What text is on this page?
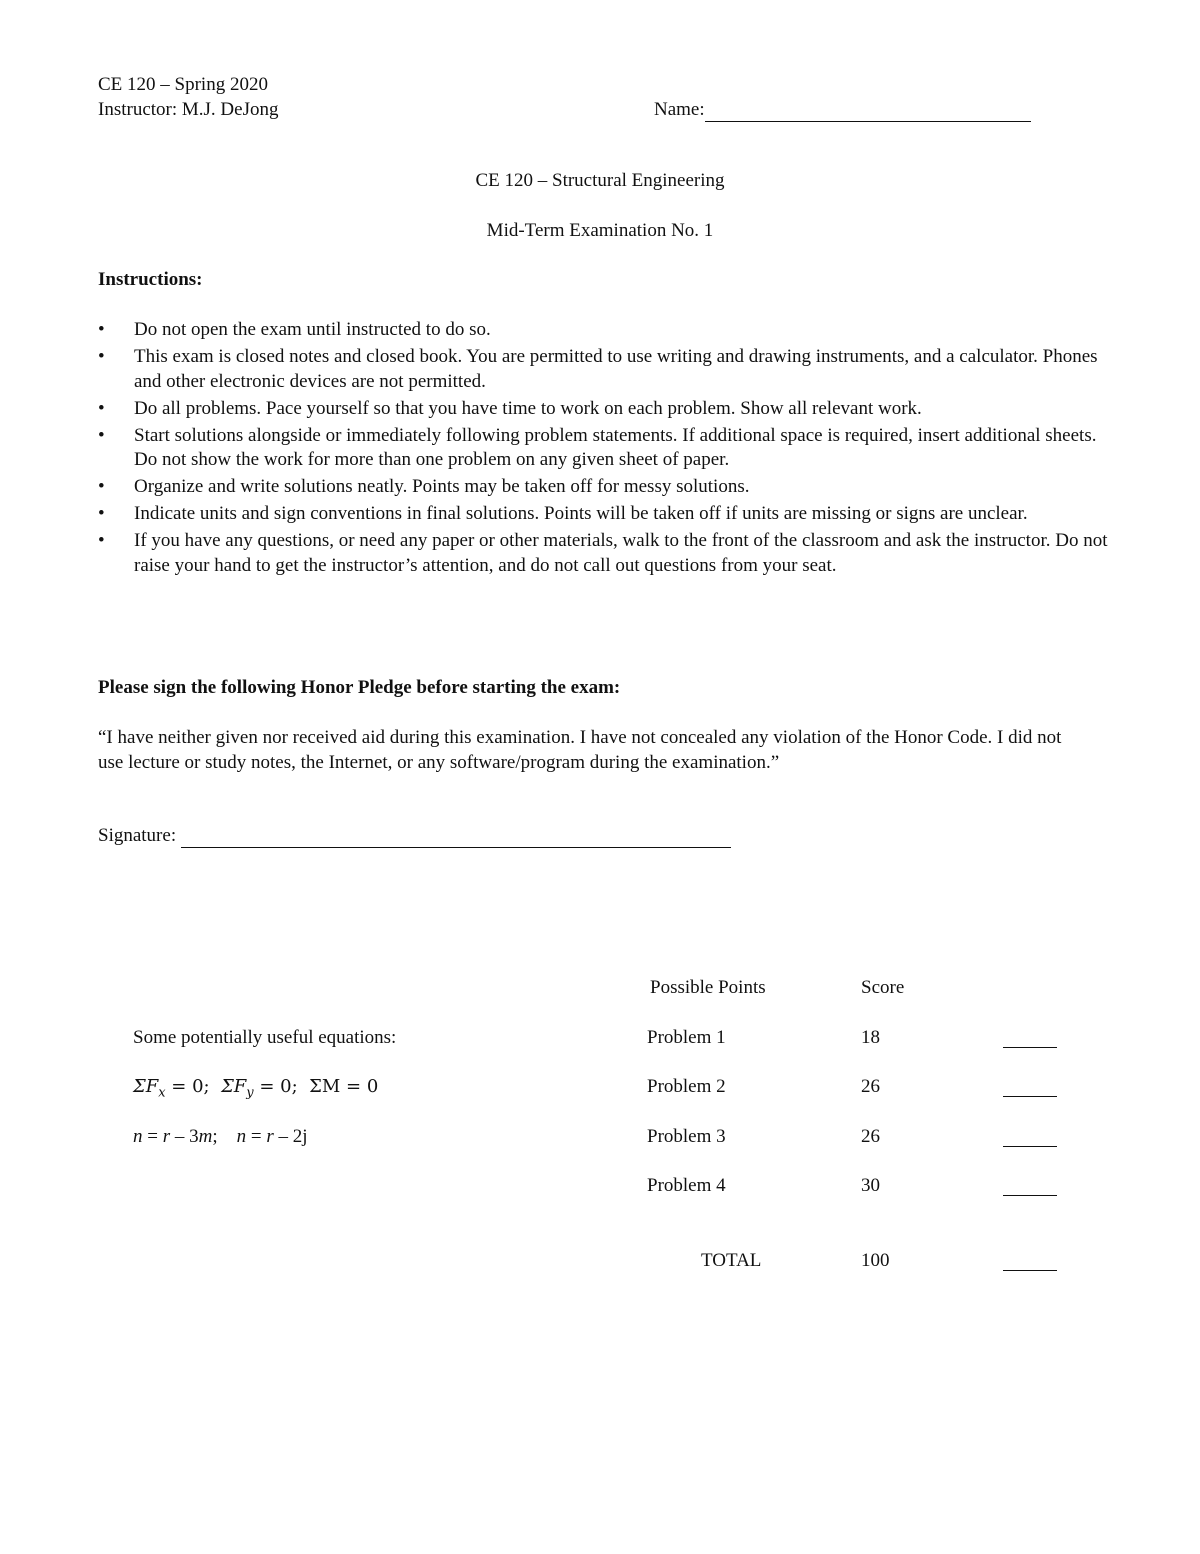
CE 120 – Spring 2020
Instructor: M.J. DeJong	Name:
CE 120 – Structural Engineering
Mid-Term Examination No. 1
Instructions:
• Do not open the exam until instructed to do so.
• This exam is closed notes and closed book. You are permitted to use writing and drawing instruments, and a calculator. Phones and other electronic devices are not permitted.
• Do all problems. Pace yourself so that you have time to work on each problem. Show all relevant work.
• Start solutions alongside or immediately following problem statements. If additional space is required, insert additional sheets. Do not show the work for more than one problem on any given sheet of paper.
• Organize and write solutions neatly. Points may be taken off for messy solutions.
• Indicate units and sign conventions in final solutions. Points will be taken off if units are missing or signs are unclear.
• If you have any questions, or need any paper or other materials, walk to the front of the classroom and ask the instructor. Do not raise your hand to get the instructor’s attention, and do not call out questions from your seat.
Please sign the following Honor Pledge before starting the exam:
“I have neither given nor received aid during this examination. I have not concealed any violation of the Honor Code. I did not use lecture or study notes, the Internet, or any software/program during the examination.”
Signature:
Possible Points	Score
Some potentially useful equations:
$\Sigma F_x = 0$;  $\Sigma F_y = 0$;  ΣM = 0
n = r – 3m;    n = r – 2j
Problem 1	18
Problem 2	26
Problem 3	26
Problem 4	30
TOTAL	100
